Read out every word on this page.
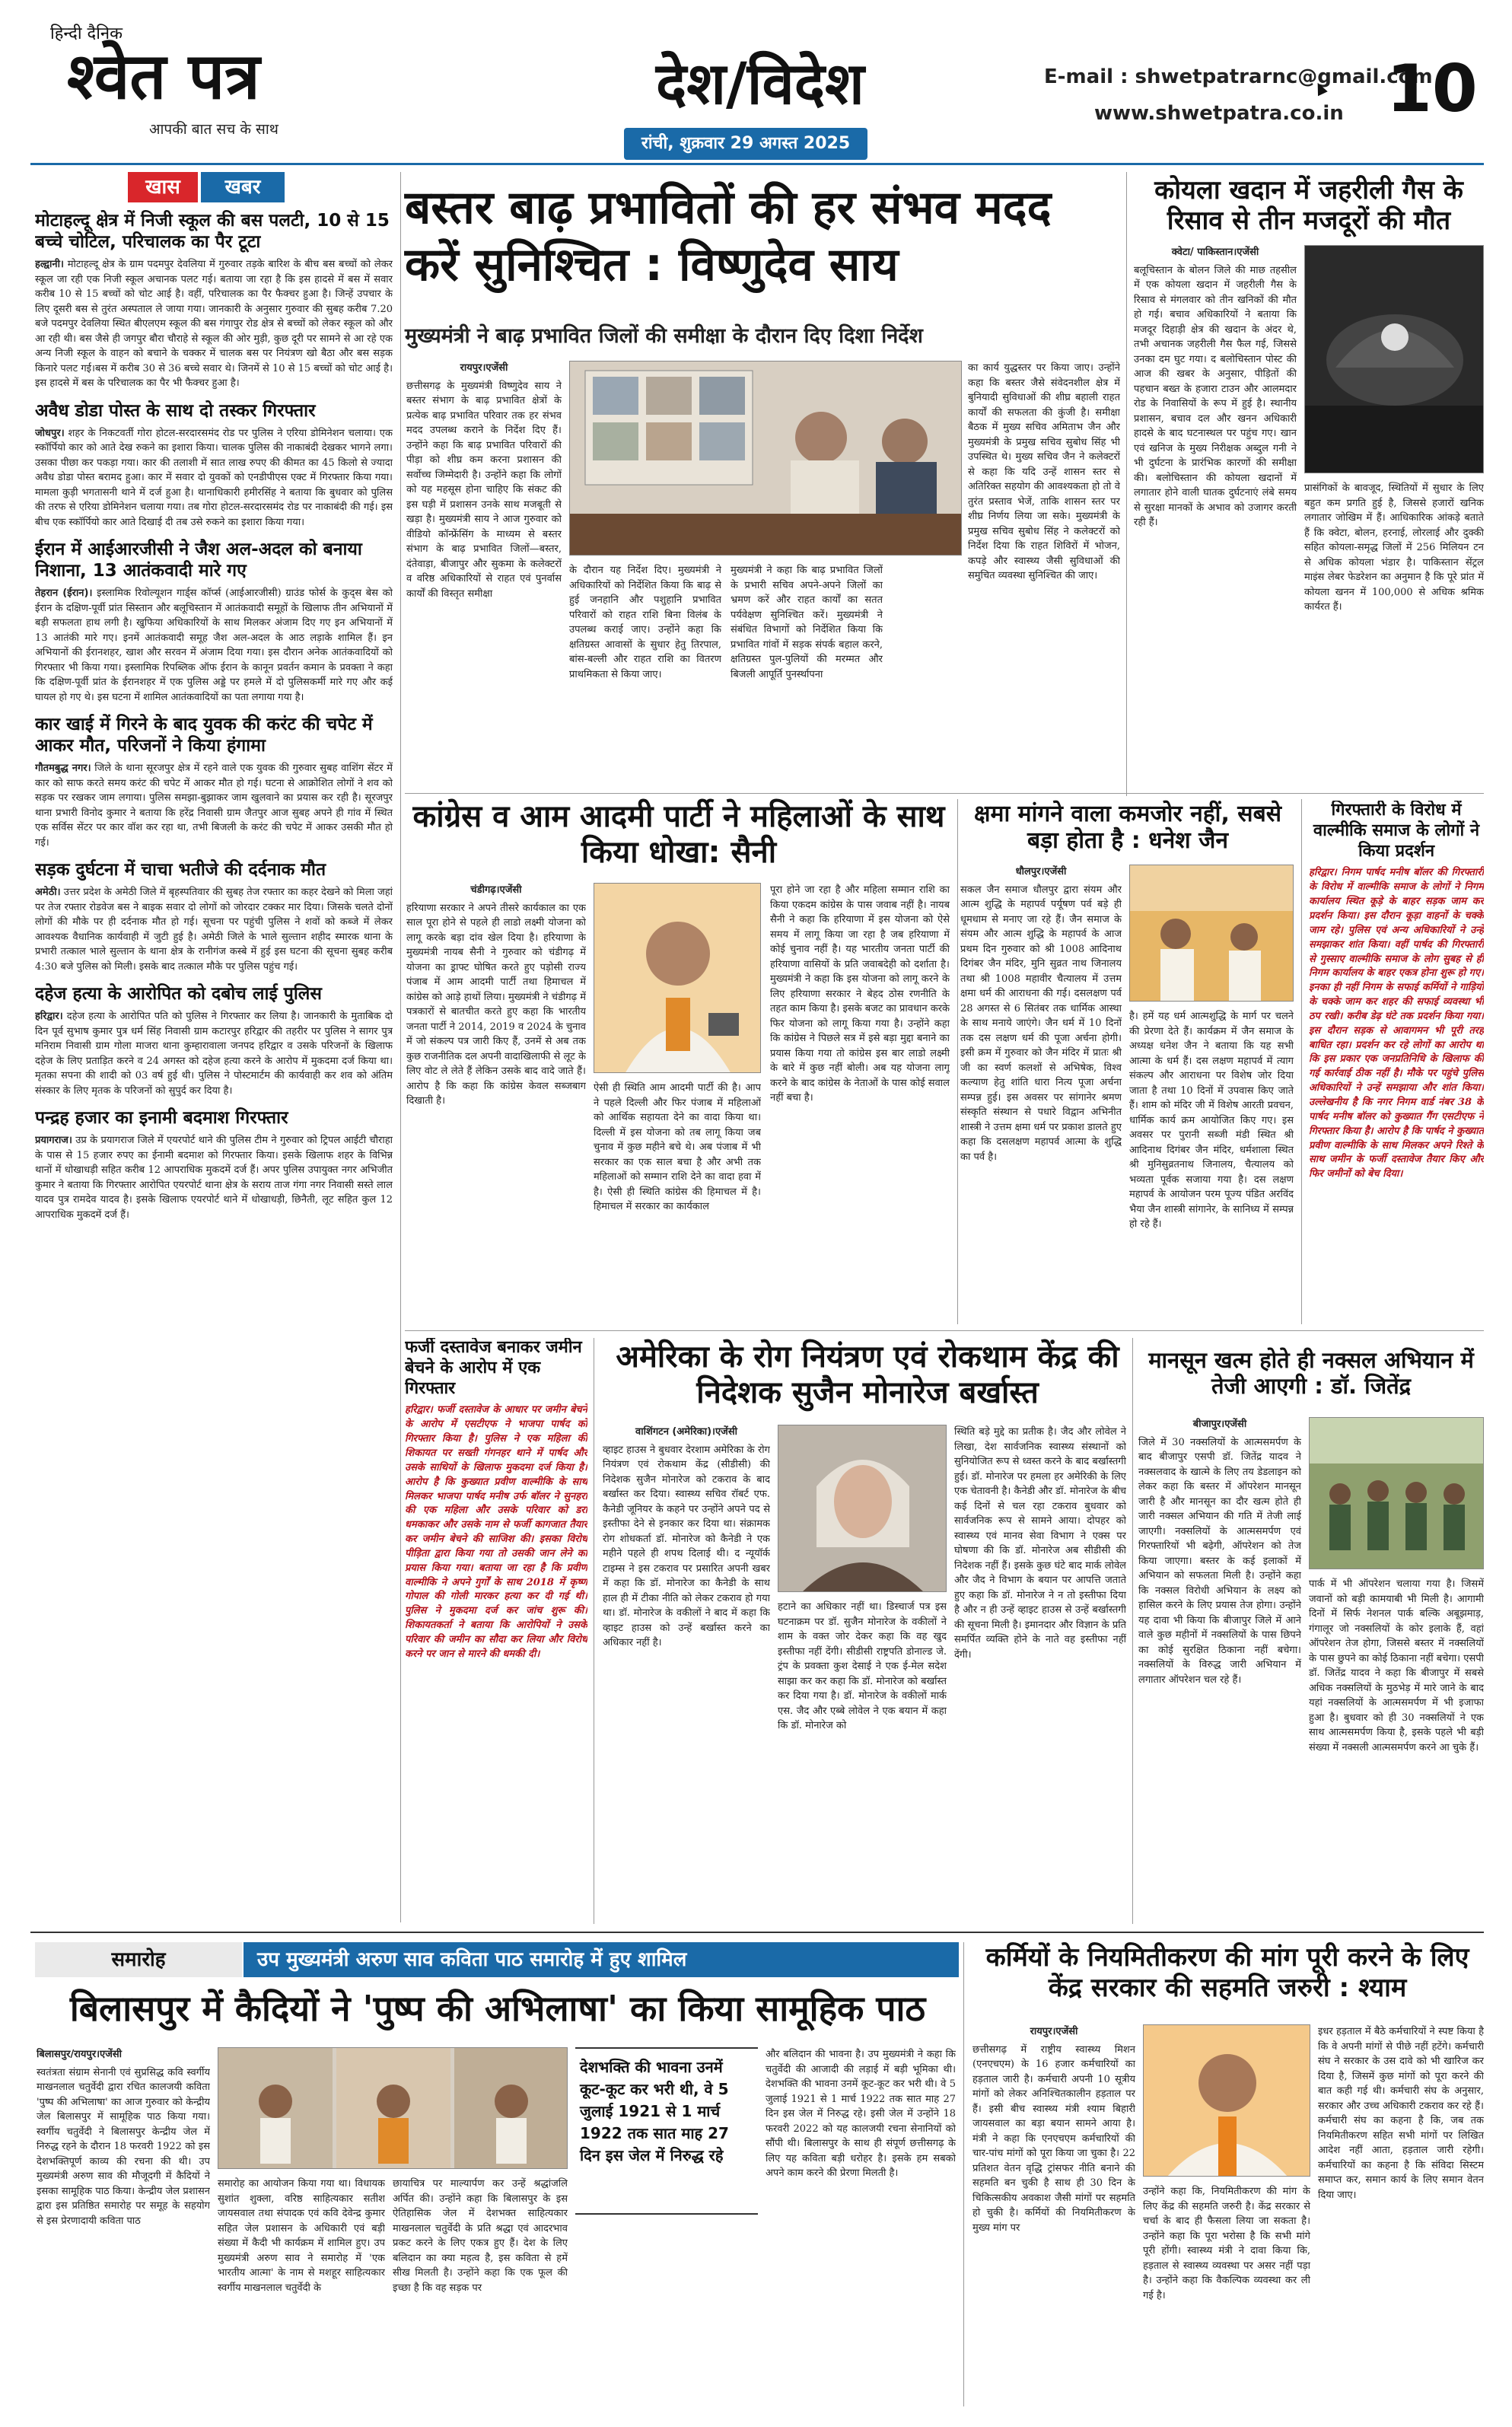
हिन्दी दैनिक
श्वेत पत्र
आपकी बात सच के साथ
देश/विदेश
रांची, शुक्रवार 29 अगस्त 2025
E-mail : shwetpatrarnc@gmail.com
www.shwetpatra.co.in 10
खास	खबर
मोटाहल्दू क्षेत्र में निजी स्कूल की बस पलटी, 10 से 15 बच्चे चोटिल, परिचालक का पैर टूटा
हल्द्वानी। मोटाहल्दू क्षेत्र के ग्राम पदमपुर देवलिया में गुरुवार तड़के बारिश के बीच बस बच्चों को लेकर स्कूल जा रही एक निजी स्कूल अचानक पलट गई। बताया जा रहा है कि इस हादसे में बस में सवार करीब 10 से 15 बच्चों को चोट आई है। वहीं, परिचालक का पैर फैक्चर हुआ है। जिन्हें उपचार के लिए दूसरी बस से तुरंत अस्पताल ले जाया गया। जानकारी के अनुसार गुरुवार की सुबह करीब 7.20 बजे पदमपुर देवलिया स्थित बीएलएम स्कूल की बस गंगापुर रोड क्षेत्र से बच्चों को लेकर स्कूल को और आ रही थी। बस जैसे ही जगपुर बौरा चौराहे से स्कूल की ओर मुड़ी, कुछ दूरी पर सामने से आ रहे एक अन्य निजी स्कूल के वाहन को बचाने के चक्कर में चालक बस पर नियंत्रण खो बैठा और बस सड़क किनारे पलट गई।बस में करीब 30 से 36 बच्चे सवार थे। जिनमें से 10 से 15 बच्चों को चोट आई है। इस हादसे में बस के परिचालक का पैर भी फैक्चर हुआ है।
अवैध डोडा पोस्त के साथ दो तस्कर गिरफ्तार
जोधपुर। शहर के निकटवर्ती गोरा होटल-सरदारसमंद रोड पर पुलिस ने एरिया डोमिनेशन चलाया। एक स्कॉर्पियो कार को आते देख रुकने का इशारा किया। चालक पुलिस की नाकाबंदी देखकर भागने लगा। उसका पीछा कर पकड़ा गया। कार की तलाशी में सात लाख रुपए की कीमत का 45 किलो से ज्यादा अवैध डोडा पोस्त बरामद हुआ। कार में सवार दो युवकों को एनडीपीएस एक्ट में गिरफ्तार किया गया। मामला कुड़ी भगतासनी थाने में दर्ज हुआ है। थानाधिकारी हमीरसिंह ने बताया कि बुधवार को पुलिस की तरफ से एरिया डोमिनेशन चलाया गया। तब गोरा होटल-सरदारसमंद रोड पर नाकाबंदी की गई। इस बीच एक स्कॉर्पियो कार आते दिखाई दी तब उसे रुकने का इशारा किया गया।
ईरान में आईआरजीसी ने जैश अल-अदल को बनाया निशाना, 13 आतंकवादी मारे गए
तेहरान (ईरान)। इस्लामिक रिवोल्यूशन गार्ड्स कॉर्प्स (आईआरजीसी) ग्राउंड फोर्स के कुद्स बेस को ईरान के दक्षिण-पूर्वी प्रांत सिस्तान और बलूचिस्तान में आतंकवादी समूहों के खिलाफ तीन अभियानों में बड़ी सफलता हाथ लगी है। खुफिया अधिकारियों के साथ मिलकर अंजाम दिए गए इन अभियानों में 13 आतंकी मारे गए। इनमें आतंकवादी समूह जैश अल-अदल के आठ लड़ाके शामिल हैं। इन अभियानों की ईरानशहर, खाश और सरवन में अंजाम दिया गया। इस दौरान अनेक आतंकवादियों को गिरफ्तार भी किया गया। इस्लामिक रिपब्लिक ऑफ ईरान के कानून प्रवर्तन कमान के प्रवक्ता ने कहा कि दक्षिण-पूर्वी प्रांत के ईरानशहर में एक पुलिस अड्डे पर हमले में दो पुलिसकर्मी मारे गए और कई घायल हो गए थे। इस घटना में शामिल आतंकवादियों का पता लगाया गया है।
कार खाई में गिरने के बाद युवक की करंट की चपेट में आकर मौत, परिजनों ने किया हंगामा
गौतमबुद्ध नगर। जिले के थाना सूरजपुर क्षेत्र में रहने वाले एक युवक की गुरुवार सुबह वाशिंग सेंटर में कार को साफ करते समय करंट की चपेट में आकर मौत हो गई। घटना से आक्रोशित लोगों ने शव को सड़क पर रखकर जाम लगाया। पुलिस समझा-बुझाकर जाम खुलवाने का प्रयास कर रही है। सूरजपुर थाना प्रभारी विनोद कुमार ने बताया कि हरेंद्र निवासी ग्राम जैतपुर आज सुबह अपने ही गांव में स्थित एक सर्विस सेंटर पर कार वॉश कर रहा था, तभी बिजली के करंट की चपेट में आकर उसकी मौत हो गई।
सड़क दुर्घटना में चाचा भतीजे की दर्दनाक मौत
अमेठी। उत्तर प्रदेश के अमेठी जिले में बृहस्पतिवार की सुबह तेज रफ्तार का कहर देखने को मिला जहां पर तेज रफ्तार रोडवेज बस ने बाइक सवार दो लोगों को जोरदार टक्कर मार दिया। जिसके चलते दोनों लोगों की मौके पर ही दर्दनाक मौत हो गई। सूचना पर पहुंची पुलिस ने शवों को कब्जे में लेकर आवश्यक वैधानिक कार्यवाही में जुटी हुई है। अमेठी जिले के भाले सुल्तान शहीद स्मारक थाना के प्रभारी तत्काल भाले सुल्तान के थाना क्षेत्र के रानीगंज कस्बे में हुई इस घटना की सूचना सुबह करीब 4:30 बजे पुलिस को मिली। इसके बाद तत्काल मौके पर पुलिस पहुंच गई।
दहेज हत्या के आरोपित को दबोच लाई पुलिस
हरिद्वार। दहेज हत्या के आरोपित पति को पुलिस ने गिरफ्तार कर लिया है। जानकारी के मुताबिक दो दिन पूर्व सुभाष कुमार पुत्र धर्म सिंह निवासी ग्राम कटारपुर हरिद्वार की तहरीर पर पुलिस ने सागर पुत्र मनिराम निवासी ग्राम गोला माजरा थाना कुम्हारावाला जनपद हरिद्वार व उसके परिजनों के खिलाफ दहेज के लिए प्रताड़ित करने व 24 अगस्त को दहेज हत्या करने के आरोप में मुकदमा दर्ज किया था। मृतका सपना की शादी को 03 वर्ष हुई थी। पुलिस ने पोस्टमार्टम की कार्यवाही कर शव को अंतिम संस्कार के लिए मृतक के परिजनों को सुपुर्द कर दिया है।
पन्द्रह हजार का इनामी बदमाश गिरफ्तार
प्रयागराज। उप्र के प्रयागराज जिले में एयरपोर्ट थाने की पुलिस टीम ने गुरुवार को ट्रिपल आईटी चौराहा के पास से 15 हजार रुपए का ईनामी बदमाश को गिरफ्तार किया। इसके खिलाफ शहर के विभिन्न थानों में धोखाधड़ी सहित करीब 12 आपराधिक मुकदमें दर्ज हैं। अपर पुलिस उपायुक्त नगर अभिजीत कुमार ने बताया कि गिरफ्तार आरोपित एयरपोर्ट थाना क्षेत्र के सराय ताज गंगा नगर निवासी सस्ते लाल यादव पुत्र रामदेव यादव है। इसके खिलाफ एयरपोर्ट थाने में धोखाधड़ी, छिनैती, लूट सहित कुल 12 आपराधिक मुकदमें दर्ज हैं।
बस्तर बाढ़ प्रभावितों की हर संभव मदद करें सुनिश्चित : विष्णुदेव साय
मुख्यमंत्री ने बाढ़ प्रभावित जिलों की समीक्षा के दौरान दिए दिशा निर्देश
रायपुर।एजेंसी
छत्तीसगढ़ के मुख्यमंत्री विष्णुदेव साय ने बस्तर संभाग के बाढ़ प्रभावित क्षेत्रों के प्रत्येक बाढ़ प्रभावित परिवार तक हर संभव मदद उपलब्ध कराने के निर्देश दिए हैं। उन्होंने कहा कि बाढ़ प्रभावित परिवारों की पीड़ा को शीघ्र कम करना प्रशासन की सर्वोच्च जिम्मेदारी है। उन्होंने कहा कि लोगों को यह महसूस होना चाहिए कि संकट की इस घड़ी में प्रशासन उनके साथ मजबूती से खड़ा है। मुख्यमंत्री साय ने आज गुरुवार को वीडियो कॉन्फ्रेंसिंग के माध्यम से बस्तर संभाग के बाढ़ प्रभावित जिलों—बस्तर, दंतेवाड़ा, बीजापुर और सुकमा के कलेक्टरों व वरिष्ठ अधिकारियों से राहत एवं पुनर्वास कार्यों की विस्तृत समीक्षा
के दौरान यह निर्देश दिए। मुख्यमंत्री ने अधिकारियों को निर्देशित किया कि बाढ़ से हुई जनहानि और पशुहानि प्रभावित परिवारों को राहत राशि बिना विलंब के उपलब्ध कराई जाए। उन्होंने कहा कि क्षतिग्रस्त आवासों के सुधार हेतु तिरपाल, बांस-बल्ली और राहत राशि का वितरण प्राथमिकता से किया जाए।
मुख्यमंत्री ने कहा कि बाढ़ प्रभावित जिलों के प्रभारी सचिव अपने-अपने जिलों का भ्रमण करें और राहत कार्यों का सतत पर्यवेक्षण सुनिश्चित करें। मुख्यमंत्री ने संबंधित विभागों को निर्देशित किया कि प्रभावित गांवों में सड़क संपर्क बहाल करने, क्षतिग्रस्त पुल-पुलियों की मरम्मत और बिजली आपूर्ति पुनर्स्थापना
का कार्य युद्धस्तर पर किया जाए। उन्होंने कहा कि बस्तर जैसे संवेदनशील क्षेत्र में बुनियादी सुविधाओं की शीघ्र बहाली राहत कार्यों की सफलता की कुंजी है। समीक्षा बैठक में मुख्य सचिव अमिताभ जैन और मुख्यमंत्री के प्रमुख सचिव सुबोध सिंह भी उपस्थित थे। मुख्य सचिव जैन ने कलेक्टरों से कहा कि यदि उन्हें शासन स्तर से अतिरिक्त सहयोग की आवश्यकता हो तो वे तुरंत प्रस्ताव भेजें, ताकि शासन स्तर पर शीघ्र निर्णय लिया जा सके। मुख्यमंत्री के प्रमुख सचिव सुबोध सिंह ने कलेक्टरों को निर्देश दिया कि राहत शिविरों में भोजन, कपड़े और स्वास्थ्य जैसी सुविधाओं की समुचित व्यवस्था सुनिश्चित की जाए।
कोयला खदान में जहरीली गैस के रिसाव से तीन मजदूरों की मौत
क्वेटा/ पाकिस्तान।एजेंसी
बलूचिस्तान के बोलन जिले की माछ तहसील में एक कोयला खदान में जहरीली गैस के रिसाव से मंगलवार को तीन खनिकों की मौत हो गई। बचाव अधिकारियों ने बताया कि मजदूर दिहाड़ी क्षेत्र की खदान के अंदर थे, तभी अचानक जहरीली गैस फैल गई, जिससे उनका दम घुट गया। द बलोचिस्तान पोस्ट की आज की खबर के अनुसार, पीड़ितों की पहचान बख्त के हजारा टाउन और आलमदार रोड के निवासियों के रूप में हुई है। स्थानीय प्रशासन, बचाव दल और खनन अधिकारी हादसे के बाद घटनास्थल पर पहुंच गए। खान एवं खनिज के मुख्य निरीक्षक अब्दुल गनी ने भी दुर्घटना के प्रारंभिक कारणों की समीक्षा की। बलोचिस्तान की कोयला खदानों में लगातार होने वाली घातक दुर्घटनाएं लंबे समय से सुरक्षा मानकों के अभाव को उजागर करती रही हैं।
प्रासंगिकों के बावजूद, स्थितियों में सुधार के लिए बहुत कम प्रगति हुई है, जिससे हजारों खनिक लगातार जोखिम में हैं। आधिकारिक आंकड़े बताते हैं कि क्वेटा, बोलन, हरनाई, लोरलाई और दुक्की सहित कोयला-समृद्ध जिलों में 256 मिलियन टन से अधिक कोयला भंडार है। पाकिस्तान सेंट्रल माइंस लेबर फेडरेशन का अनुमान है कि पूरे प्रांत में कोयला खनन में 100,000 से अधिक श्रमिक कार्यरत हैं।
कांग्रेस व आम आदमी पार्टी ने महिलाओं के साथ किया धोखा: सैनी
चंडीगढ़।एजेंसी
हरियाणा सरकार ने अपने तीसरे कार्यकाल का एक साल पूरा होने से पहले ही लाडो लक्ष्मी योजना को लागू करके बड़ा दांव खेल दिया है। हरियाणा के मुख्यमंत्री नायब सैनी ने गुरुवार को चंडीगढ़ में योजना का ड्राफ्ट घोषित करते हुए पड़ोसी राज्य पंजाब में आम आदमी पार्टी तथा हिमाचल में कांग्रेस को आड़े हाथों लिया। मुख्यमंत्री ने चंडीगढ़ में पत्रकारों से बातचीत करते हुए कहा कि भारतीय जनता पार्टी ने 2014, 2019 व 2024 के चुनाव में जो संकल्प पत्र जारी किए हैं, उनमें से अब तक कुछ राजनीतिक दल अपनी वादाखिलाफी से लूट के लिए वोट ले लेते हैं लेकिन उसके बाद वादे जाते हैं। आरोप है कि कहा कि कांग्रेस केवल सब्जबाग दिखाती है।
ऐसी ही स्थिति आम आदमी पार्टी की है। आप ने पहले दिल्ली और फिर पंजाब में महिलाओं को आर्थिक सहायता देने का वादा किया था। दिल्ली में इस योजना को तब लागू किया जब चुनाव में कुछ महीने बचे थे। अब पंजाब में भी सरकार का एक साल बचा है और अभी तक महिलाओं को सम्मान राशि देने का वादा हवा में है। ऐसी ही स्थिति कांग्रेस की हिमाचल में है। हिमाचल में सरकार का कार्यकाल
पूरा होने जा रहा है और महिला सम्मान राशि का किया एकदम कांग्रेस के पास जवाब नहीं है। नायब सैनी ने कहा कि हरियाणा में इस योजना को ऐसे समय में लागू किया जा रहा है जब हरियाणा में कोई चुनाव नहीं है। यह भारतीय जनता पार्टी की हरियाणा वासियों के प्रति जवाबदेही को दर्शाता है। मुख्यमंत्री ने कहा कि इस योजना को लागू करने के लिए हरियाणा सरकार ने बेहद ठोस रणनीति के तहत काम किया है। इसके बजट का प्रावधान करके फिर योजना को लागू किया गया है। उन्होंने कहा कि कांग्रेस ने पिछले सत्र में इसे बड़ा मुद्दा बनाने का प्रयास किया गया तो कांग्रेस इस बार लाडो लक्ष्मी के बारे में कुछ नहीं बोली। अब यह योजना लागू करने के बाद कांग्रेस के नेताओं के पास कोई सवाल नहीं बचा है।
क्षमा मांगने वाला कमजोर नहीं, सबसे बड़ा होता है : धनेश जैन
धौलपुर।एजेंसी
सकल जैन समाज धौलपुर द्वारा संयम और आत्म शुद्धि के महापर्व पर्यूषण पर्व बड़े ही धूमधाम से मनाए जा रहे हैं। जैन समाज के संयम और आत्म शुद्धि के महापर्व के आज प्रथम दिन गुरुवार को श्री 1008 आदिनाथ दिगंबर जैन मंदिर, मुनि सुव्रत नाथ जिनालय तथा श्री 1008 महावीर चैत्यालय में उत्तम क्षमा धर्म की आराधना की गई। दसलक्षण पर्व 28 अगस्त से 6 सितंबर तक धार्मिक आस्था के साथ मनाये जाएंगे। जैन धर्म में 10 दिनों तक दस लक्षण धर्म की पूजा अर्चना होगी। इसी क्रम में गुरुवार को जैन मंदिर में प्रातः श्री जी का स्वर्ण कलशों से अभिषेक, विश्व कल्याण हेतु शांति धारा नित्य पूजा अर्चना सम्पन्न हुई। इस अवसर पर सांगानेर श्रमण संस्कृति संस्थान से पधारे विद्वान अभिनीत शास्त्री ने उत्तम क्षमा धर्म पर प्रकाश डालते हुए कहा कि दसलक्षण महापर्व आत्मा के शुद्धि का पर्व है।
है। हमें यह धर्म आत्मशुद्धि के मार्ग पर चलने की प्रेरणा देते हैं। कार्यक्रम में जैन समाज के अध्यक्ष धनेश जैन ने बताया कि यह सभी आत्मा के धर्म हैं। दस लक्षण महापर्व में त्याग संकल्प और आराधना पर विशेष जोर दिया जाता है तथा 10 दिनों में उपवास किए जाते हैं। शाम को मंदिर जी में विशेष आरती प्रवचन, धार्मिक कार्य क्रम आयोजित किए गए। इस अवसर पर पुरानी सब्जी मंडी स्थित श्री आदिनाथ दिगंबर जैन मंदिर, धर्मशाला स्थित श्री मुनिसुव्रतनाथ जिनालय, चैत्यालय को भव्यता पूर्वक सजाया गया है। दस लक्षण महापर्व के आयोजन परम पूज्य पंडित अरविंद भैया जैन शास्त्री सांगानेर, के सानिध्य में सम्पन्न हो रहे हैं।
गिरफ्तारी के विरोध में वाल्मीकि समाज के लोगों ने किया प्रदर्शन
हरिद्वार। निगम पार्षद मनीष बॉलर की गिरफ्तारी के विरोध में वाल्मीकि समाज के लोगों ने निगम कार्यालय स्थित कूड़े के बाहर सड़क जाम कर प्रदर्शन किया। इस दौरान कूड़ा वाहनों के चक्के जाम रहे। पुलिस एवं अन्य अधिकारियों ने उन्हें समझाकर शांत किया। वहीं पार्षद की गिरफ्तारी से गुस्साए वाल्मीकि समाज के लोग सुबह से ही निगम कार्यालय के बाहर एकत्र होना शुरू हो गए। इनका ही नहीं निगम के सफाई कर्मियों ने गाड़ियों के चक्के जाम कर शहर की सफाई व्यवस्था भी ठप रखी। करीब डेढ़ घंटे तक प्रदर्शन किया गया। इस दौरान सड़क से आवागमन भी पूरी तरह बाधित रहा। प्रदर्शन कर रहे लोगों का आरोप था कि इस प्रकार एक जनप्रतिनिधि के खिलाफ की गई कार्रवाई ठीक नहीं है। मौके पर पहुंचे पुलिस अधिकारियों ने उन्हें समझाया और शांत किया। उल्लेखनीय है कि नगर निगम वार्ड नंबर 38 के पार्षद मनीष बॉलर को कुख्यात गैंग एसटीएफ ने गिरफ्तार किया है। आरोप है कि पार्षद ने कुख्यात प्रवीण वाल्मीकि के साथ मिलकर अपने रिश्ते के साथ जमीन के फर्जी दस्तावेज तैयार किए और फिर जमीनों को बेच दिया।
फर्जी दस्तावेज बनाकर जमीन बेचने के आरोप में एक गिरफ्तार
हरिद्वार। फर्जी दस्तावेज के आधार पर जमीन बेचने के आरोप में एसटीएफ ने भाजपा पार्षद को गिरफ्तार किया है। पुलिस ने एक महिला की शिकायत पर सख्ती गंगनहर थाने में पार्षद और उसके साथियों के खिलाफ मुकदमा दर्ज किया है। आरोप है कि कुख्यात प्रवीण वाल्मीकि के साथ मिलकर भाजपा पार्षद मनीष उर्फ बॉलर ने सुनहरा की एक महिला और उसके परिवार को डरा धमकाकर और उसके नाम से फर्जी कागजात तैयार कर जमीन बेचने की साजिश की। इसका विरोध पीड़िता द्वारा किया गया तो उसकी जान लेने का प्रयास किया गया। बताया जा रहा है कि प्रवीण वाल्मीकि ने अपने गुर्गों के साथ 2018 में कृष्ण गोपाल की गोली मारकर हत्या कर दी गई थी। पुलिस ने मुकदमा दर्ज कर जांच शुरू की। शिकायतकर्ता ने बताया कि आरोपियों ने उसके परिवार की जमीन का सौदा कर लिया और विरोध करने पर जान से मारने की धमकी दी।
अमेरिका के रोग नियंत्रण एवं रोकथाम केंद्र की निदेशक सुजैन मोनारेज बर्खास्त
वाशिंगटन (अमेरिका)।एजेंसी
व्हाइट हाउस ने बुधवार देरशाम अमेरिका के रोग नियंत्रण एवं रोकथाम केंद्र (सीडीसी) की निदेशक सुजैन मोनारेज को टकराव के बाद बर्खास्त कर दिया। स्वास्थ्य सचिव रॉबर्ट एफ. कैनेडी जूनियर के कहने पर उन्होंने अपने पद से इस्तीफा देने से इनकार कर दिया था। संक्रामक रोग शोधकर्ता डॉ. मोनारेज को कैनेडी ने एक महीने पहले ही शपथ दिलाई थी। द न्यूयॉर्क टाइम्स ने इस टकराव पर प्रसारित अपनी खबर में कहा कि डॉ. मोनारेज का कैनेडी के साथ हाल ही में टीका नीति को लेकर टकराव हो गया था। डॉ. मोनारेज के वकीलों ने बाद में कहा कि व्हाइट हाउस को उन्हें बर्खास्त करने का अधिकार नहीं है।
हटाने का अधिकार नहीं था। डिस्चार्ज पत्र इस घटनाक्रम पर डॉ. सुजैन मोनारेज के वकीलों ने शाम के वक्त जोर देकर कहा कि वह खुद इस्तीफा नहीं देंगी। सीडीसी राष्ट्रपति डोनाल्ड जे. ट्रंप के प्रवक्ता कुश देसाई ने एक ई-मेल सदेश साझा कर कर कहा कि डॉ. मोनारेज को बर्खास्त कर दिया गया है। डॉ. मोनारेज के वकीलों मार्क एस. जैद और एब्बे लोवेल ने एक बयान में कहा कि डॉ. मोनारेज को
स्थिति बड़े मुद्दे का प्रतीक है। जैद और लोवेल ने लिखा, देश सार्वजनिक स्वास्थ्य संस्थानों को सुनियोजित रूप से ध्वस्त करने के बाद बर्खास्तगी हुई। डॉ. मोनारेज पर हमला हर अमेरिकी के लिए एक चेतावनी है। कैनेडी और डॉ. मोनारेज के बीच कई दिनों से चल रहा टकराव बुधवार को सार्वजनिक रूप से सामने आया। दोपहर को स्वास्थ्य एवं मानव सेवा विभाग ने एक्स पर घोषणा की कि डॉ. मोनारेज अब सीडीसी की निदेशक नहीं हैं। इसके कुछ घंटे बाद मार्क लोवेल और जैद ने विभाग के बयान पर आपत्ति जताते हुए कहा कि डॉ. मोनारेज ने न तो इस्तीफा दिया है और न ही उन्हें व्हाइट हाउस से उन्हें बर्खास्तगी की सूचना मिली है। इमानदार और विज्ञान के प्रति समर्पित व्यक्ति होने के नाते वह इस्तीफा नहीं देंगी।
मानसून खत्म होते ही नक्सल अभियान में तेजी आएगी : डॉ. जितेंद्र
बीजापुर।एजेंसी
जिले में 30 नक्सलियों के आत्मसमर्पण के बाद बीजापुर एसपी डॉ. जितेंद्र यादव ने नक्सलवाद के खात्मे के लिए तय डेडलाइन को लेकर कहा कि बस्तर में ऑपरेशन मानसून जारी है और मानसून का दौर खत्म होते ही जारी नक्सल अभियान की गति में तेजी लाई जाएगी। नक्सलियों के आत्मसमर्पण एवं गिरफ्तारियों भी बढ़ेगी, ऑपरेशन को तेज किया जाएगा। बस्तर के कई इलाकों में अभियान को सफलता मिली है। उन्होंने कहा कि नक्सल विरोधी अभियान के लक्ष्य को हासिल करने के लिए प्रयास तेज होगा। उन्होंने यह दावा भी किया कि बीजापुर जिले में आने वाले कुछ महीनों में नक्सलियों के पास छिपने का कोई सुरक्षित ठिकाना नहीं बचेगा। नक्सलियों के विरुद्ध जारी अभियान में लगातार ऑपरेशन चल रहे हैं।
पार्क में भी ऑपरेशन चलाया गया है। जिसमें जवानों को बड़ी कामयाबी भी मिली है। आगामी दिनों में सिर्फ नेशनल पार्क बल्कि अबूझमाड़, गंगालूर जो नक्सलियों के कोर इलाके हैं, वहां ऑपरेशन तेज होगा, जिससे बस्तर में नक्सलियों के पास छुपने का कोई ठिकाना नहीं बचेगा। एसपी डॉ. जितेंद्र यादव ने कहा कि बीजापुर में सबसे अधिक नक्सलियों के मुठभेड़ में मारे जाने के बाद यहां नक्सलियों के आत्मसमर्पण में भी इजाफा हुआ है। बुधवार को ही 30 नक्सलियों ने एक साथ आत्मसमर्पण किया है, इसके पहले भी बड़ी संख्या में नक्सली आत्मसमर्पण करने आ चुके हैं।
समारोह	उप मुख्यमंत्री अरुण साव कविता पाठ समारोह में हुए शामिल
बिलासपुर में कैदियों ने 'पुष्प की अभिलाषा' का किया सामूहिक पाठ
बिलासपुर/रायपुर।एजेंसी
स्वतंत्रता संग्राम सेनानी एवं सुप्रसिद्ध कवि स्वर्गीय माखनलाल चतुर्वेदी द्वारा रचित कालजयी कविता 'पुष्प की अभिलाषा' का आज गुरुवार को केन्द्रीय जेल बिलासपुर में सामूहिक पाठ किया गया। स्वर्गीय चतुर्वेदी ने बिलासपुर केन्द्रीय जेल में निरुद्ध रहने के दौरान 18 फरवरी 1922 को इस देशभक्तिपूर्ण काव्य की रचना की थी। उप मुख्यमंत्री अरुण साव की मौजूदगी में कैदियों ने इसका सामूहिक पाठ किया। केन्द्रीय जेल प्रशासन द्वारा इस प्रतिष्ठित समारोह पर समूह के सहयोग से इस प्रेरणादायी कविता पाठ
समारोह का आयोजन किया गया था। विधायक सुशांत शुक्ला, वरिष्ठ साहित्यकार सतीश जायसवाल तथा संपादक एवं कवि देवेन्द्र कुमार सहित जेल प्रशासन के अधिकारी एवं बड़ी संख्या में कैदी भी कार्यक्रम में शामिल हुए। उप मुख्यमंत्री अरुण साव ने समारोह में 'एक भारतीय आत्मा' के नाम से मशहूर साहित्यकार स्वर्गीय माखनलाल चतुर्वेदी के
छायाचित्र पर माल्यार्पण कर उन्हें श्रद्धांजलि अर्पित की। उन्होंने कहा कि बिलासपुर के इस ऐतिहासिक जेल में देशभक्त साहित्यकार माखनलाल चतुर्वेदी के प्रति श्रद्धा एवं आदरभाव प्रकट करने के लिए एकत्र हुए हैं। देश के लिए बलिदान का क्या महत्व है, इस कविता से हमें सीख मिलती है। उन्होंने कहा कि एक फूल की इच्छा है कि वह सड़क पर
देशभक्ति की भावना उनमें कूट-कूट कर भरी थी, वे 5 जुलाई 1921 से 1 मार्च 1922 तक सात माह 27 दिन इस जेल में निरुद्ध रहे
और बलिदान की भावना है। उप मुख्यमंत्री ने कहा कि चतुर्वेदी की आजादी की लड़ाई में बड़ी भूमिका थी। देशभक्ति की भावना उनमें कूट-कूट कर भरी थी। वे 5 जुलाई 1921 से 1 मार्च 1922 तक सात माह 27 दिन इस जेल में निरुद्ध रहे। इसी जेल में उन्होंने 18 फरवरी 2022 को यह कालजयी रचना सेनानियों को सौंपी थी। बिलासपुर के साथ ही संपूर्ण छत्तीसगढ़ के लिए यह कविता बड़ी धरोहर है। इसके हम सबको अपने काम करने की प्रेरणा मिलती है।
कर्मियों के नियमितीकरण की मांग पूरी करने के लिए केंद्र सरकार की सहमति जरुरी : श्याम
रायपुर।एजेंसी
छत्तीसगढ़ में राष्ट्रीय स्वास्थ्य मिशन (एनएचएम) के 16 हजार कर्मचारियों का हड़ताल जारी है। कर्मचारी अपनी 10 सूत्रीय मांगों को लेकर अनिश्चितकालीन हड़ताल पर हैं। इसी बीच स्वास्थ्य मंत्री श्याम बिहारी जायसवाल का बड़ा बयान सामने आया है। मंत्री ने कहा कि एनएचएम कर्मचारियों की चार-पांच मांगों को पूरा किया जा चुका है। 22 प्रतिशत वेतन वृद्धि ट्रांसफर नीति बनाने की सहमति बन चुकी है साथ ही 30 दिन के चिकित्सकीय अवकाश जैसी मांगों पर सहमति हो चुकी है। कर्मियों की नियमितीकरण के मुख्य मांग पर
उन्होंने कहा कि, नियमितीकरण की मांग के लिए केंद्र की सहमति जरुरी है। केंद्र सरकार से चर्चा के बाद ही फैसला लिया जा सकता है। उन्होंने कहा कि पूरा भरोसा है कि सभी मांगे पूरी होंगी। स्वास्थ्य मंत्री ने दावा किया कि, हड़ताल से स्वास्थ्य व्यवस्था पर असर नहीं पड़ा है। उन्होंने कहा कि वैकल्पिक व्यवस्था कर ली गई है।
इधर हड़ताल में बैठे कर्मचारियों ने स्पष्ट किया है कि वे अपनी मांगों से पीछे नहीं हटेंगे। कर्मचारी संघ ने सरकार के उस दावे को भी खारिज कर दिया है, जिसमें कुछ मांगों को पूरा करने की बात कही गई थी। कर्मचारी संघ के अनुसार, सरकार और उच्च अधिकारी टकराव कर रहे हैं। कर्मचारी संघ का कहना है कि, जब तक नियमितीकरण सहित सभी मांगों पर लिखित आदेश नहीं आता, हड़ताल जारी रहेगी। कर्मचारियों का कहना है कि संविदा सिस्टम समाप्त कर, समान कार्य के लिए समान वेतन दिया जाए।
